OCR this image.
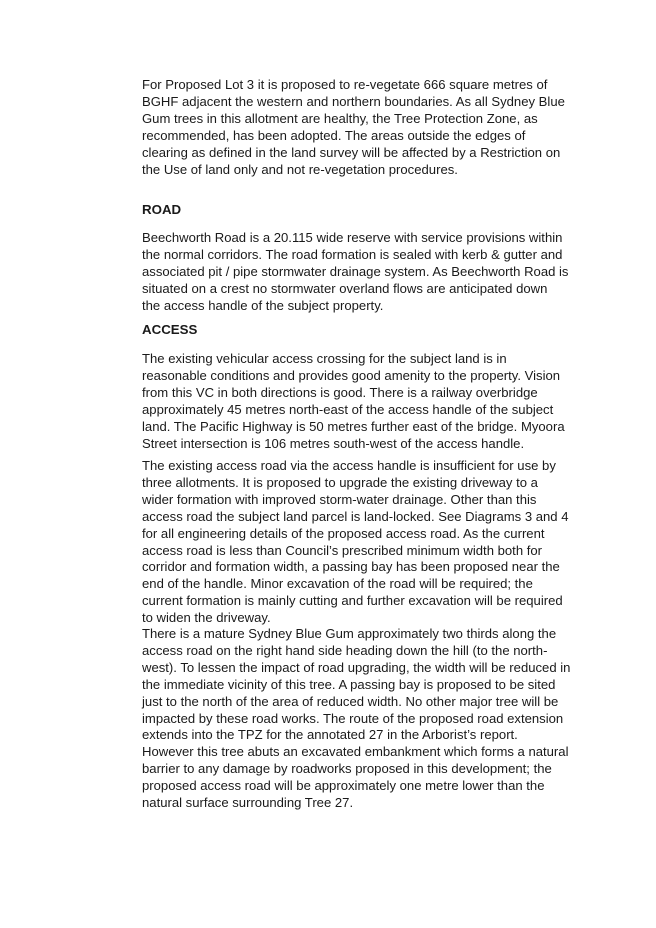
For Proposed Lot 3 it is proposed to re-vegetate 666 square metres of
BGHF adjacent the western and northern boundaries. As all Sydney Blue
Gum trees in this allotment are healthy, the Tree Protection Zone, as
recommended, has been adopted. The areas outside the edges of
clearing as defined in the land survey will be affected by a Restriction on
the Use of land only and not re-vegetation procedures.

ROAD

Beechworth Road is a 20.115 wide reserve with service provisions within
the normal corridors. The road formation is sealed with kerb & gutter and
associated pit / pipe stormwater drainage system. As Beechworth Road is
situated on a crest no stormwater overland flows are anticipated down
the access handle of the subject property.

ACCESS

The existing vehicular access crossing for the subject land is in
reasonable conditions and provides good amenity to the property. Vision
from this VC in both directions is good. There is a railway overbridge
approximately 45 metres north-east of the access handle of the subject
land. The Pacific Highway is 50 metres further east of the bridge. Myoora
Street intersection is 106 metres south-west of the access handle.

The existing access road via the access handle is insufficient for use by
three allotments. It is proposed to upgrade the existing driveway to a
wider formation with improved storm-water drainage. Other than this
access road the subject land parcel is land-locked. See Diagrams 3 and 4
for all engineering details of the proposed access road. As the current
access road is less than Council’s prescribed minimum width both for
corridor and formation width, a passing bay has been proposed near the
end of the handle. Minor excavation of the road will be required; the
current formation is mainly cutting and further excavation will be required
to widen the driveway.

There is a mature Sydney Blue Gum approximately two thirds along the
access road on the right hand side heading down the hill (to the north-
west). To lessen the impact of road upgrading, the width will be reduced in
the immediate vicinity of this tree. A passing bay is proposed to be sited
just to the north of the area of reduced width. No other major tree will be
impacted by these road works. The route of the proposed road extension
extends into the TPZ for the annotated 27 in the Arborist’s report.
However this tree abuts an excavated embankment which forms a natural
barrier to any damage by roadworks proposed in this development; the
proposed access road will be approximately one metre lower than the
natural surface surrounding Tree 27.
